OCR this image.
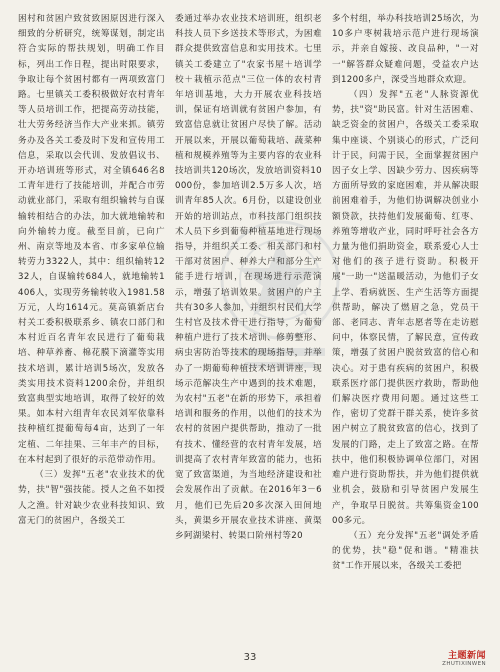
困村和贫困户致贫致困原因进行深入细致的分析研究，统筹谋划，制定出符合实际的帮扶规划，明确工作目标，列出工作日程，提出时限要求，争取让每个贫困村都有一两项致富门路。七里镇关工委积极做好农村青年等人员培训工作，把提高劳动技能，壮大劳务经济当作大产业来抓。镇劳务办及各关工委及时下发和宣传用工信息，采取以会代训、发放倡议书、开办培训班等形式，对全镇646名8工青年进行了技能培训，并配合市劳动就业部门，采取有组织输转与自谋输转相结合的办法，加大就地输转和向外输转力度。截至目前，已向广州、南京等地及本省、市多家单位输转劳力3322人，其中：组织输转1232人，自谋输转684人，就地输转1406人，实现劳务输转收入1981.58万元，人均1614元。莫高镇新店台村关工委积极联系乡、镇农口部门和本村近百名青年农民进行了葡萄栽培、种草养畜、棉花膜下滴灌等实用技术培训，累计培训5场次，发放各类实用技术资料1200余份，并组织致富典型实地培训，取得了较好的效果。如本村六组青年农民刘军依靠科技种植红提葡萄每4亩，达到了一年定植、二年挂果、三年丰产的目标，在本村起到了很好的示范带动作用。

（三）发挥"五老"农业技术的优势，扶"智"强技能。授人之鱼不如授人之渔。针对缺少农业科技知识、致富无门的贫困户，各级关工

委通过举办农业技术培训班，组织老科技人员下乡送技术等形式，为困难群众提供致富信息和实用技术。七里镇关工委建立了"农家书屋＋培训学校＋栽植示范点"三位一体的农村青年培训基地，大力开展农业科技培训，保证有培训就有贫困户参加，有致富信息就让贫困户尽快了解。活动开展以来，开展以葡萄栽培、蔬菜种植和规模养殖等为主要内容的农业科技培训共120场次，发放培训资料10000份，参加培训2.5万多人次，培训青年85人次。6月份，以建设创业开始的培训站点，市科技部门组织技术人员下乡到葡萄种植基地进行现场指导，并组织关工委、相关部门和村干部对贫困户、种养大户和部分生产能手进行培训，在现场进行示范演示，增强了培训效果。贫困户的户主共有30多人参加，并组织村民们大学生村官及技术骨干进行指导，为葡萄种植户进行了技术培训、修剪整形、病虫害防治等技术的现场指导，并举办了一期葡萄种植技术培训讲座，现场示范解决生产中遇到的技术难题，为农村"五老"在新的形势下，承担着培训和服务的作用，以他们的技术为农村的贫困户提供帮助，推动了一批有技术、懂经营的农村青年发展，培训提高了农村青年致富的能力，也拓宽了致富渠道，为当地经济建设和社会发展作出了贡献。在2016年3－6月，他们已先后20多次深入田间地头，黄渠乡开展农业技术讲座、黄渠乡阿湖梁村、转渠口阶州村等20

多个村组，举办科技培训25场次，为10多户枣树栽培示范户进行现场演示，并亲自嫁接、改良品种，"一对一"解答群众疑难问题，受益农户达到1200多户，深受当地群众欢迎。

（四）发挥"五老"人脉资源优势，扶"资"助民富。针对生活困难、缺乏资金的贫困户，各级关工委采取集中座谈、个别谈心的形式，广泛问计于民，问需于民，全面掌握贫困户因子女上学、因缺少劳力、因疾病等方面所导致的家庭困难，并从解决眼前困难着手，为他们协调解决创业小额贷款，扶持他们发展葡萄、红枣、养殖等增收产业，同时呼吁社会各方力量为他们捐助资金，联系爱心人士对他们的孩子进行资助。积极开展"一助一"送温暖活动，为他们子女上学、看病就医、生产生活等方面提供帮助，解决了燃眉之急，党员干部、老同志、青年志愿者等在走访慰问中，体察民情，了解民意，宣传政策，增强了贫困户脱贫致富的信心和决心。对于患有疾病的贫困户，积极联系医疗部门提供医疗救助，帮助他们解决医疗费用问题。通过这些工作，密切了党群干群关系，使许多贫困户树立了脱贫致富的信心，找到了发展的门路，走上了致富之路。在帮扶中，他们积极协调单位部门，对困难户进行资助帮扶，并为他们提供就业机会，鼓励和引导贫困户发展生产，争取早日脱贫。共筹集资金10000多元。

（五）充分发挥"五老"调处矛盾的优势，扶"稳"促和谐。"精准扶贫"工作开展以来，各级关工委把

33	主题新闻
ZHUTIXINWEN
